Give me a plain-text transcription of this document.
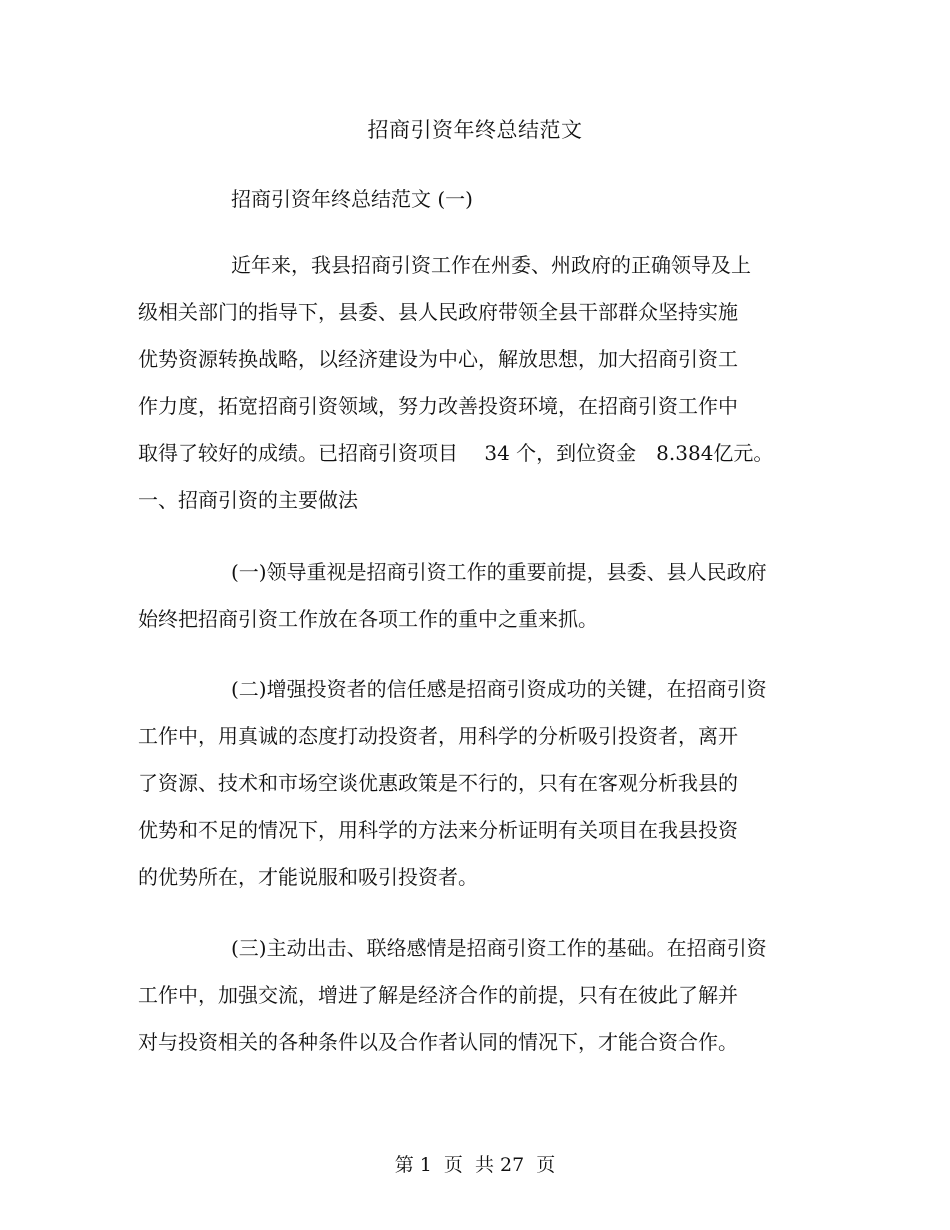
招商引资年终总结范文
招商引资年终总结范文 (一)
近年来，我县招商引资工作在州委、州政府的正确领导及上
级相关部门的指导下，县委、县人民政府带领全县干部群众坚持实施
优势资源转换战略，以经济建设为中心，解放思想，加大招商引资工
作力度，拓宽招商引资领域，努力改善投资环境，在招商引资工作中
取得了较好的成绩。已招商引资项目　 34 个，到位资金　8.384亿元。
一、招商引资的主要做法
(一)领导重视是招商引资工作的重要前提，县委、县人民政府
始终把招商引资工作放在各项工作的重中之重来抓。
(二)增强投资者的信任感是招商引资成功的关键，在招商引资
工作中，用真诚的态度打动投资者，用科学的分析吸引投资者，离开
了资源、技术和市场空谈优惠政策是不行的，只有在客观分析我县的
优势和不足的情况下，用科学的方法来分析证明有关项目在我县投资
的优势所在，才能说服和吸引投资者。
(三)主动出击、联络感情是招商引资工作的基础。在招商引资
工作中，加强交流，增进了解是经济合作的前提，只有在彼此了解并
对与投资相关的各种条件以及合作者认同的情况下，才能合资合作。
第 1  页  共 27  页
